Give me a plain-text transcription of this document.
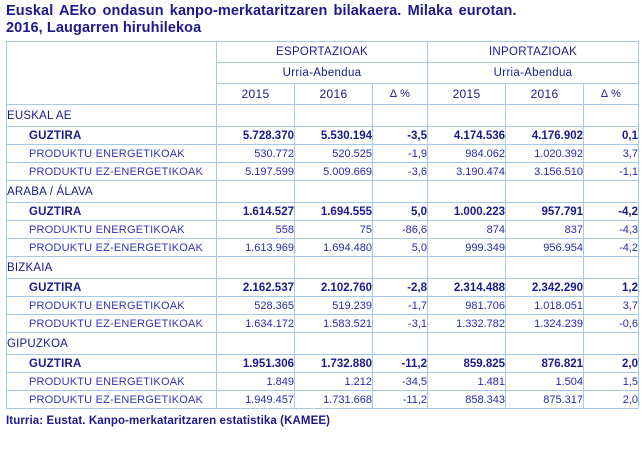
Euskal AEko ondasun kanpo-merkataritzaren bilakaera. Milaka eurotan.
2016, Laugarren hiruhilekoa
	ESPORTAZIOAK			INPORTAZIOAK		
	Urria-Abendua			Urria-Abendua		
	2015	2016	Δ %	2015	2016	Δ %
EUSKAL AE						
GUZTIRA	5.728.370	5.530.194	-3,5	4.174.536	4.176.902	0,1
PRODUKTU ENERGETIKOAK	530.772	520.525	-1,9	984.062	1.020.392	3,7
PRODUKTU EZ-ENERGETIKOAK	5.197.599	5.009.669	-3,6	3.190.474	3.156.510	-1,1
ARABA / ÁLAVA						
GUZTIRA	1.614.527	1.694.555	5,0	1.000.223	957.791	-4,2
PRODUKTU ENERGETIKOAK	558	75	-86,6	874	837	-4,3
PRODUKTU EZ-ENERGETIKOAK	1.613.969	1.694.480	5,0	999.349	956.954	-4,2
BIZKAIA						
GUZTIRA	2.162.537	2.102.760	-2,8	2.314.488	2.342.290	1,2
PRODUKTU ENERGETIKOAK	528.365	519.239	-1,7	981.706	1.018.051	3,7
PRODUKTU EZ-ENERGETIKOAK	1.634.172	1.583.521	-3,1	1.332.782	1.324.239	-0,6
GIPUZKOA						
GUZTIRA	1.951.306	1.732.880	-11,2	859.825	876.821	2,0
PRODUKTU ENERGETIKOAK	1.849	1.212	-34,5	1.481	1.504	1,5
PRODUKTU EZ-ENERGETIKOAK	1.949.457	1.731.668	-11,2	858.343	875.317	2,0
Iturria: Eustat. Kanpo-merkataritzaren estatistika (KAMEE)
